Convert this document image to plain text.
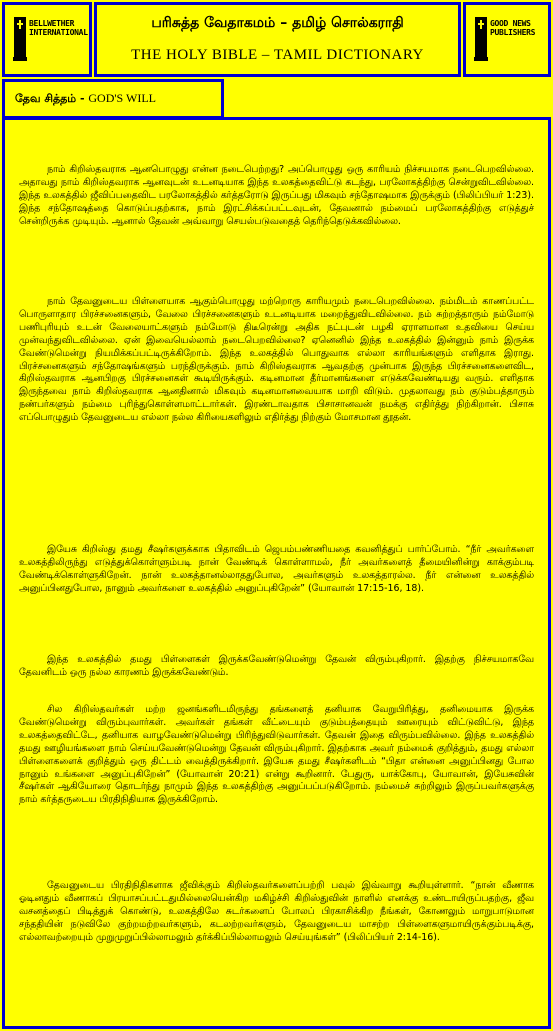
BELLWETHER
INTERNATIONAL
பரிசுத்த வேதாகமம் – தமிழ் சொல்கராதி
THE HOLY BIBLE – TAMIL DICTIONARY
GOOD NEWS
PUBLISHERS
தேவ சித்தம் - GOD'S WILL

நாம் கிறிஸ்தவராக ஆனபொழுது என்ன நடைபெற்றது? அப்பொழுது ஒரு காரியம் நிச்சயமாக நடைபெறவில்லை. அதாவது நாம் கிறிஸ்தவராக ஆனவுடன் உடனடியாக இந்த உலகத்தைவிட்டு கடந்து, பரலோகத்திற்கு சென்றுவிடவில்லை. இந்த உலகத்தில் ஜீவிப்பதைவிட பரலோகத்தில் கர்த்தரோடு இருப்பது மிகவும் சந்தோஷமாக இருக்கும் (பிலிப்பியர் 1:23). இந்த சந்தோஷத்தை கொடுப்பதற்காக, நாம் இரட்சிக்கப்பட்டவுடன், தேவனால் நம்மைப் பரலோகத்திற்கு எடுத்துச் சென்றிருக்க முடியும். ஆனால் தேவன் அவ்வாறு செயல்படுவதைத் தெரிந்தெடுக்கவில்லை.

நாம் தேவனுடைய பிள்ளையாக ஆகும்பொழுது மற்றொரு காரியமும் நடைபெறவில்லை. நம்மிடம் காணப்பட்ட பொருளாதார பிரச்சனைகளும், வேலை பிரச்சனைகளும் உடனடியாக மறைந்துவிடவில்லை. நம் சுற்றத்தாரும் நம்மோடு பணிபுரியும் உடன் வேலையாட்களும் நம்மோடு திடீரென்று அதிக நட்புடன் பழகி ஏராளமான உதவியை செய்ய முன்வந்துவிடவில்லை. ஏன் இவையெல்லாம் நடைபெறவில்லை? ஏனெனில் இந்த உலகத்தில் இன்னும் நாம் இருக்க வேண்டுமென்று நியமிக்கப்பட்டிருக்கிறோம். இந்த உலகத்தில் பொதுவாக எல்லா காரியங்களும் எளிதாக இராது. பிரச்சனைகளும் சந்தோஷங்களும் பரந்திருக்கும். நாம் கிறிஸ்தவராக ஆவதற்கு முன்பாக இருந்த பிரச்சனைகளைவிட, கிறிஸ்தவராக ஆனபிறகு பிரச்சனைகள் கூடியிருக்கும். கடினமான தீர்மானங்களை எடுக்கவேண்டியது வரும். எளிதாக இருந்தவை நாம் கிறிஸ்தவராக ஆனதினால் மிகவும் கடினமானவையாக மாறி விடும். முதலாவது நம் குடும்பத்தாரும் நண்பர்களும் நம்மை புரிந்துகொள்ளமாட்டார்கள். இரண்டாவதாக பிசாசானவன் நமக்கு எதிர்த்து நிற்கிறான். பிசாசு எப்பொழுதும் தேவனுடைய எல்லா நல்ல கிரியைகளிலும் எதிர்த்து நிற்கும் மோசமான தூதன்.

இயேசு கிறிஸ்து தமது சீஷர்களுக்காக பிதாவிடம் ஜெபம்பண்ணியதை கவனித்துப் பார்ப்போம். “நீர் அவர்களை உலகத்திலிருந்து எடுத்துக்கொள்ளும்படி நான் வேண்டிக் கொள்ளாமல், நீர் அவர்களைத் தீமையினின்று காக்கும்படி வேண்டிக்கொள்ளுகிறேன். நான் உலகத்தானல்லாததுபோல, அவர்களும் உலகத்தாரல்ல. நீர் என்னை உலகத்தில் அனுப்பினதுபோல, நானும் அவர்களை உலகத்தில் அனுப்புகிறேன்” (யோவான் 17:15-16, 18).

இந்த உலகத்தில் தமது பிள்ளைகள் இருக்கவேண்டுமென்று தேவன் விரும்புகிறார். இதற்கு நிச்சயமாகவே தேவனிடம் ஒரு நல்ல காரணம் இருக்கவேண்டும்.

சில கிறிஸ்தவர்கள் மற்ற ஜனங்களிடமிருந்து தங்களைத் தனியாக வேறுபிரித்து, தனிமையாக இருக்க வேண்டுமென்று விரும்புவார்கள். அவர்கள் தங்கள் வீட்டையும் குடும்பத்தையும் ஊரையும் விட்டுவிட்டு, இந்த உலகத்தைவிட்டே, தனியாக வாழவேண்டுமென்று பிரிந்துவிடுவார்கள். தேவன் இதை விரும்பவில்லை. இந்த உலகத்தில் தமது ஊழியங்களை நாம் செய்யவேண்டுமென்று தேவன் விரும்புகிறார். இதற்காக அவர் நம்மைக் குறித்தும், தமது எல்லா பிள்ளைகளைக் குறித்தும் ஒரு திட்டம் வைத்திருக்கிறார். இயேசு தமது சீஷர்களிடம் “பிதா என்னை அனுப்பினது போல நானும் உங்களை அனுப்புகிறேன்” (யோவான் 20:21) என்று கூறினார். பேதுரு, யாக்கோபு, யோவான், இயேசுவின் சீஷர்கள் ஆகியோரை தொடர்ந்து நாமும் இந்த உலகத்திற்கு அனுப்பப்படுகிறோம். நம்மைச் சுற்றிலும் இருப்பவர்களுக்கு நாம் கர்த்தருடைய பிரதிநிதியாக இருக்கிறோம்.

தேவனுடைய பிரதிநிதிகளாக ஜீவிக்கும் கிறிஸ்தவர்களைப்பற்றி பவுல் இவ்வாறு கூறியுள்ளார். “நான் வீணாக ஓடினதும் வீணாகப் பிரயாசப்பட்டதுமில்லையென்கிற மகிழ்ச்சி கிறிஸ்துவின் நாளில் எனக்கு உண்டாயிருப்பதற்கு, ஜீவ வசனத்தைப் பிடித்துக் கொண்டு, உலகத்திலே சுடர்களைப் போலப் பிரகாசிக்கிற நீங்கள், கோணலும் மாறுபாடுமான சந்ததியின் நடுவிலே குற்றமற்றவர்களும், கடலற்றவர்களும், தேவனுடைய மாசற்ற பிள்ளைகளுமாயிருக்கும்படிக்கு, எல்லாவற்றையும் முறுமுறுப்பில்லாமலும் தர்க்கிப்பில்லாமலும் செய்யுங்கள்” (பிலிப்பியர் 2:14-16).
